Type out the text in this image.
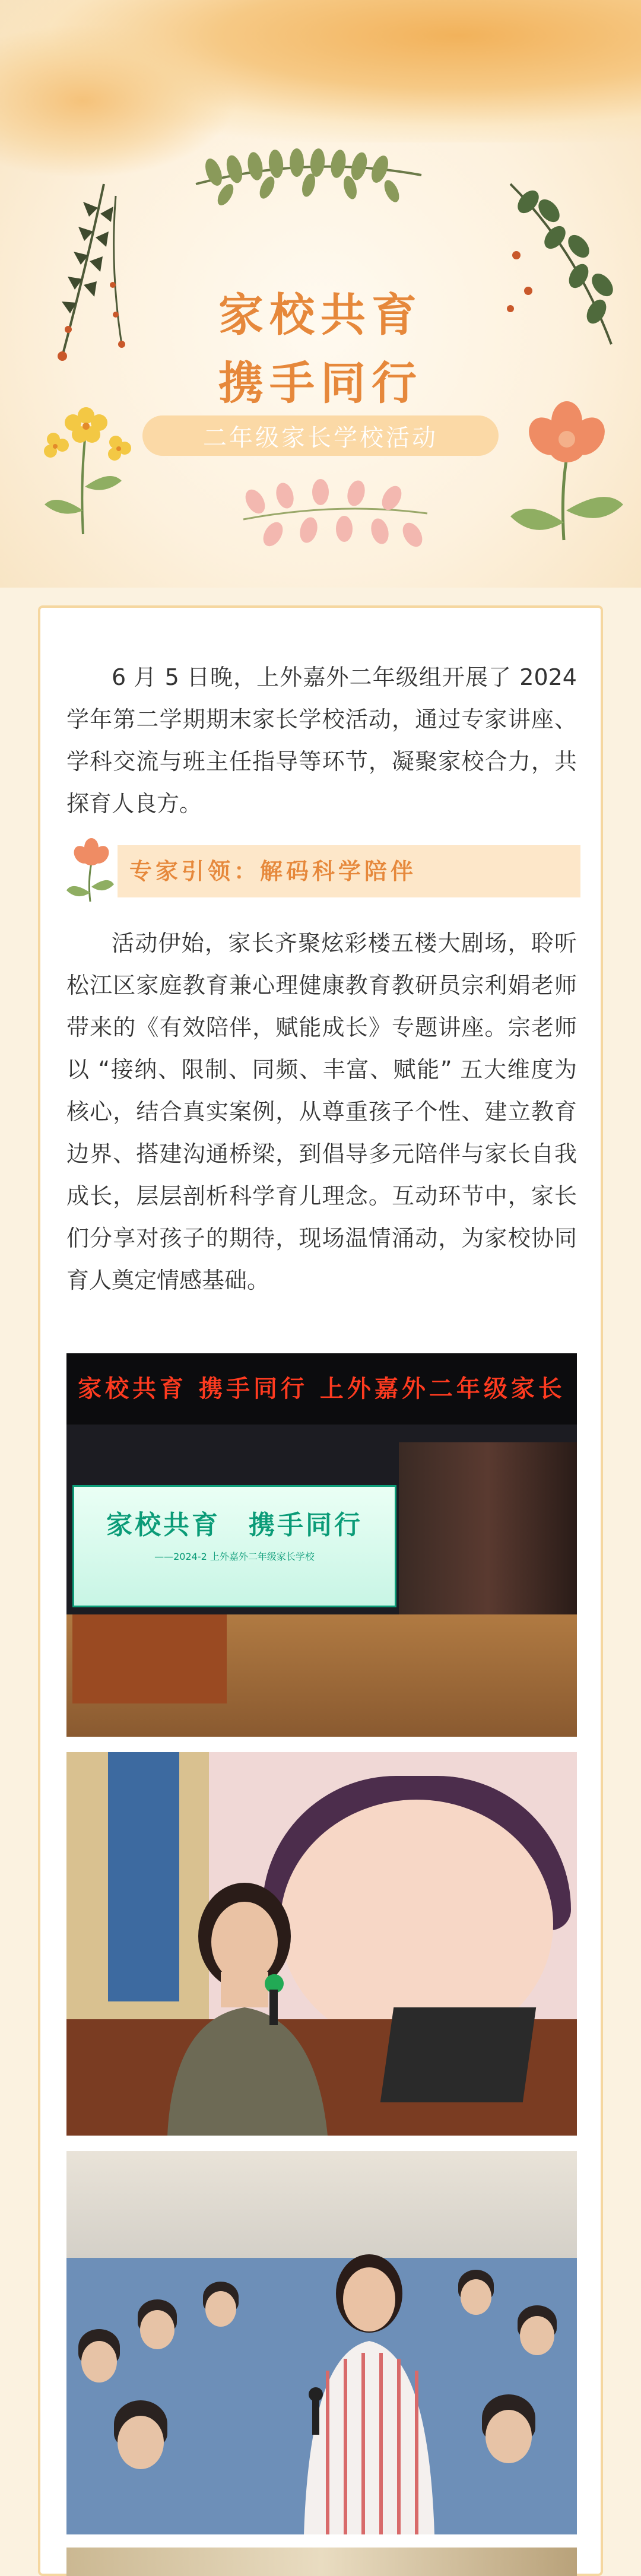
家校共育
携手同行
二年级家长学校活动

6 月 5 日晚，上外嘉外二年级组开展了 2024 学年第二学期期末家长学校活动，通过专家讲座、学科交流与班主任指导等环节，凝聚家校合力，共探育人良方。

专家引领：解码科学陪伴

活动伊始，家长齐聚炫彩楼五楼大剧场，聆听松江区家庭教育兼心理健康教育教研员宗利娟老师带来的《有效陪伴，赋能成长》专题讲座。宗老师以 “接纳、限制、同频、丰富、赋能” 五大维度为核心，结合真实案例，从尊重孩子个性、建立教育边界、搭建沟通桥梁，到倡导多元陪伴与家长自我成长，层层剖析科学育儿理念。互动环节中，家长们分享对孩子的期待，现场温情涌动，为家校协同育人奠定情感基础。

家校共育 携手同行 上外嘉外二年级家长
家校共育　携手同行
——2024-2 上外嘉外二年级家长学校
